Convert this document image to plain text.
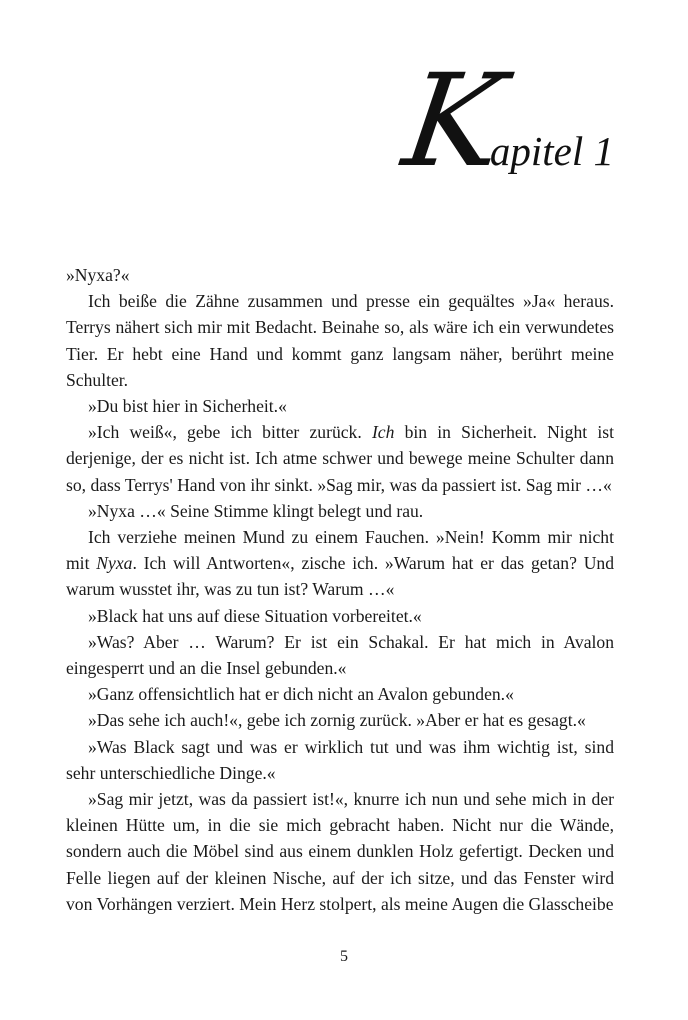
K
apitel 1

»Nyxa?«

Ich beiße die Zähne zusammen und presse ein gequältes »Ja« heraus. Terrys nähert sich mir mit Bedacht. Beinahe so, als wäre ich ein verwundetes Tier. Er hebt eine Hand und kommt ganz langsam näher, berührt meine Schulter.

»Du bist hier in Sicherheit.«

»Ich weiß«, gebe ich bitter zurück. Ich bin in Sicherheit. Night ist derjenige, der es nicht ist. Ich atme schwer und bewege meine Schulter dann so, dass Terrys' Hand von ihr sinkt. »Sag mir, was da passiert ist. Sag mir …«

»Nyxa …« Seine Stimme klingt belegt und rau.

Ich verziehe meinen Mund zu einem Fauchen. »Nein! Komm mir nicht mit Nyxa. Ich will Antworten«, zische ich. »Warum hat er das getan? Und warum wusstet ihr, was zu tun ist? Warum …«

»Black hat uns auf diese Situation vorbereitet.«

»Was? Aber … Warum? Er ist ein Schakal. Er hat mich in Avalon eingesperrt und an die Insel gebunden.«

»Ganz offensichtlich hat er dich nicht an Avalon gebunden.«

»Das sehe ich auch!«, gebe ich zornig zurück. »Aber er hat es gesagt.«

»Was Black sagt und was er wirklich tut und was ihm wichtig ist, sind sehr unterschiedliche Dinge.«

»Sag mir jetzt, was da passiert ist!«, knurre ich nun und sehe mich in der kleinen Hütte um, in die sie mich gebracht haben. Nicht nur die Wände, sondern auch die Möbel sind aus einem dunklen Holz gefertigt. Decken und Felle liegen auf der kleinen Nische, auf der ich sitze, und das Fenster wird von Vorhängen verziert. Mein Herz stolpert, als meine Augen die Glasscheibe

5
